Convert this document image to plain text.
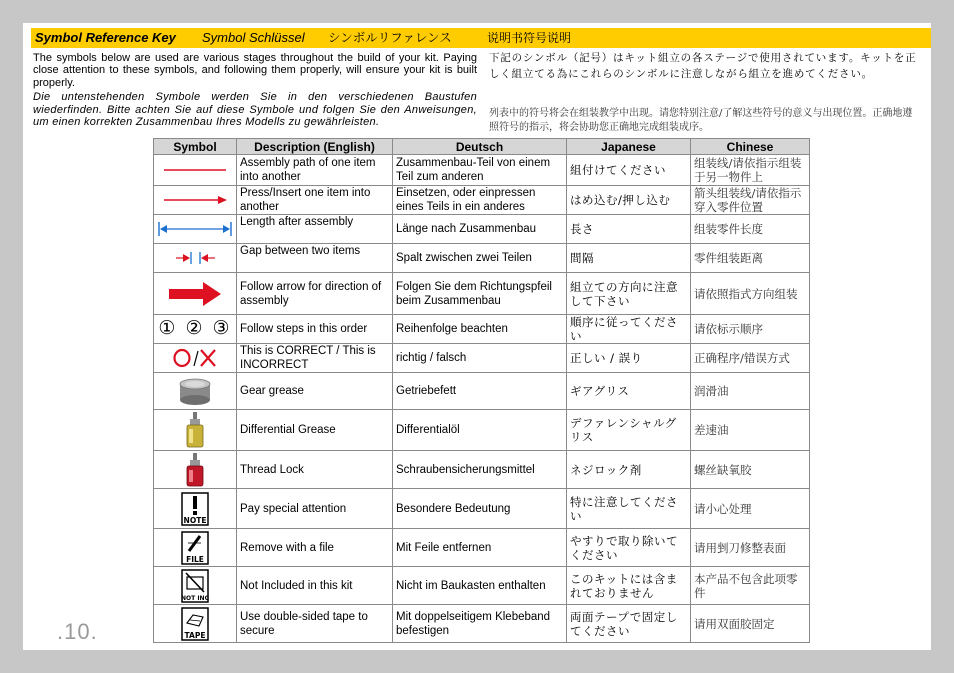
Symbol Reference Key Symbol Schlüssel シンボルリファレンス	说明书符号说明

The symbols below are used are various stages throughout the build of your kit. Paying close attention to these symbols, and following them properly, will ensure your kit is built properly.

Die untenstehenden Symbole werden Sie in den verschiedenen Baustufen wiederfinden. Bitte achten Sie auf diese Symbole und folgen Sie den Anweisungen, um einen korrekten Zusammenbau Ihres Modells zu gewährleisten.

下記のシンボル（記号）はキット組立の各ステージで使用されています。キットを正しく組立てる為にこれらのシンボルに注意しながら組立を進めてください。

列表中的符号将会在组装教学中出现。请您特别注意/了解这些符号的意义与出现位置。正确地遵照符号的指示，将会协助您正确地完成组装成序。

Symbol	Description (English)	Deutsch	Japanese	Chinese

	Assembly path of one item into another	Zusammenbau-Teil von einem Teil zum anderen	組付けてください	组装线/请依指示组装于另一物件上

	Press/Insert one item into another	Einsetzen, oder einpressen eines Teils in ein anderes	はめ込む/押し込む	箭头组装线/请依指示穿入零件位置

	Length after assembly	Länge nach Zusammenbau	長さ	组装零件长度

	Gap between two items	Spalt zwischen zwei Teilen	間隔	零件组装距离

	Follow arrow for direction of assembly	Folgen Sie dem Richtungspfeil beim Zusammenbau	組立ての方向に注意して下さい	请依照指式方向组装
① ② ③	Follow steps in this order	Reihenfolge beachten	順序に従ってください	请依标示顺序

	This is CORRECT / This is INCORRECT	richtig / falsch	正しい / 誤り	正确程序/错误方式

	Gear grease	Getriebefett	ギアグリス	润滑油

	Differential Grease	Differentialöl	デファレンシャルグリス	差速油

	Thread Lock	Schraubensicherungsmittel	ネジロック剤	螺丝缺氧胶

NOTE	Pay special attention	Besondere Bedeutung	特に注意してください	请小心处理

FILE	Remove with a file	Mit Feile entfernen	やすりで取り除いてください	请用剉刀修整表面

NOT INC	Not Included in this kit	Nicht im Baukasten enthalten	このキットには含まれておりません	本产品不包含此项零件

TAPE	Use double-sided tape to secure	Mit doppelseitigem Klebeband befestigen	両面テープで固定してください	请用双面胶固定
.10.
